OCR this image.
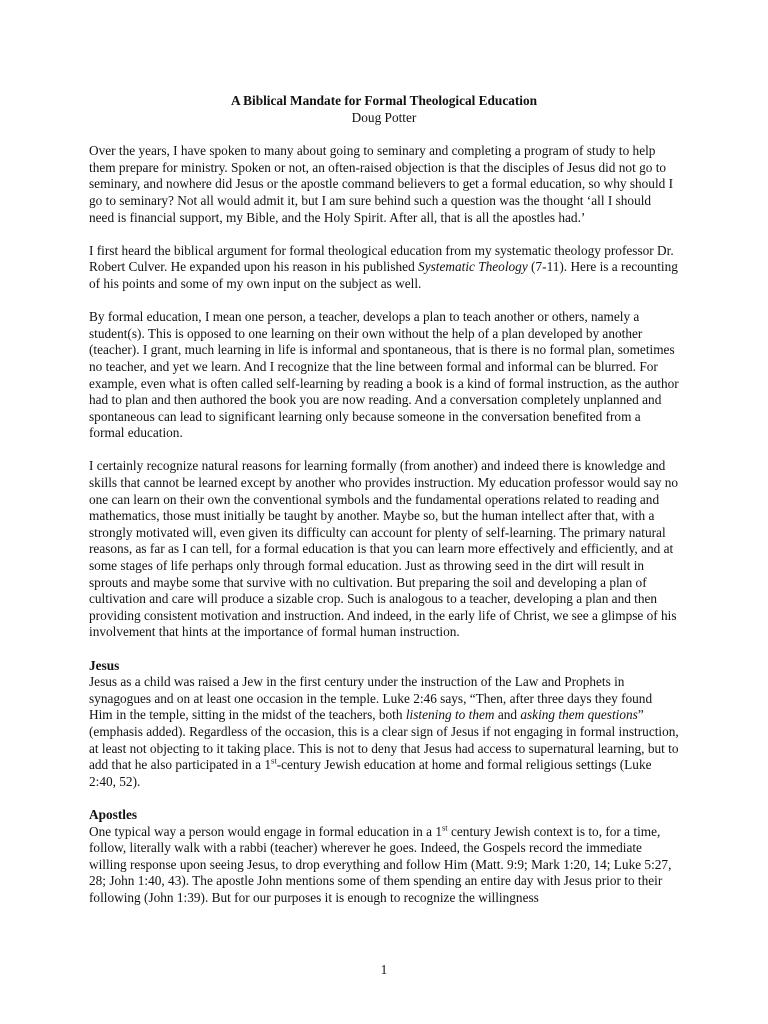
A Biblical Mandate for Formal Theological Education
Doug Potter

Over the years, I have spoken to many about going to seminary and completing a program of study to help them prepare for ministry. Spoken or not, an often-raised objection is that the disciples of Jesus did not go to seminary, and nowhere did Jesus or the apostle command believers to get a formal education, so why should I go to seminary? Not all would admit it, but I am sure behind such a question was the thought ‘all I should need is financial support, my Bible, and the Holy Spirit. After all, that is all the apostles had.’

I first heard the biblical argument for formal theological education from my systematic theology professor Dr. Robert Culver. He expanded upon his reason in his published Systematic Theology (7-11). Here is a recounting of his points and some of my own input on the subject as well.

By formal education, I mean one person, a teacher, develops a plan to teach another or others, namely a student(s). This is opposed to one learning on their own without the help of a plan developed by another (teacher). I grant, much learning in life is informal and spontaneous, that is there is no formal plan, sometimes no teacher, and yet we learn. And I recognize that the line between formal and informal can be blurred. For example, even what is often called self-learning by reading a book is a kind of formal instruction, as the author had to plan and then authored the book you are now reading. And a conversation completely unplanned and spontaneous can lead to significant learning only because someone in the conversation benefited from a formal education.

I certainly recognize natural reasons for learning formally (from another) and indeed there is knowledge and skills that cannot be learned except by another who provides instruction. My education professor would say no one can learn on their own the conventional symbols and the fundamental operations related to reading and mathematics, those must initially be taught by another. Maybe so, but the human intellect after that, with a strongly motivated will, even given its difficulty can account for plenty of self-learning. The primary natural reasons, as far as I can tell, for a formal education is that you can learn more effectively and efficiently, and at some stages of life perhaps only through formal education. Just as throwing seed in the dirt will result in sprouts and maybe some that survive with no cultivation. But preparing the soil and developing a plan of cultivation and care will produce a sizable crop. Such is analogous to a teacher, developing a plan and then providing consistent motivation and instruction. And indeed, in the early life of Christ, we see a glimpse of his involvement that hints at the importance of formal human instruction.

Jesus

Jesus as a child was raised a Jew in the first century under the instruction of the Law and Prophets in synagogues and on at least one occasion in the temple. Luke 2:46 says, “Then, after three days they found Him in the temple, sitting in the midst of the teachers, both listening to them and asking them questions” (emphasis added). Regardless of the occasion, this is a clear sign of Jesus if not engaging in formal instruction, at least not objecting to it taking place. This is not to deny that Jesus had access to supernatural learning, but to add that he also participated in a 1st-century Jewish education at home and formal religious settings (Luke 2:40, 52).

Apostles

One typical way a person would engage in formal education in a 1st century Jewish context is to, for a time, follow, literally walk with a rabbi (teacher) wherever he goes. Indeed, the Gospels record the immediate willing response upon seeing Jesus, to drop everything and follow Him (Matt. 9:9; Mark 1:20, 14; Luke 5:27, 28; John 1:40, 43). The apostle John mentions some of them spending an entire day with Jesus prior to their following (John 1:39). But for our purposes it is enough to recognize the willingness

1
